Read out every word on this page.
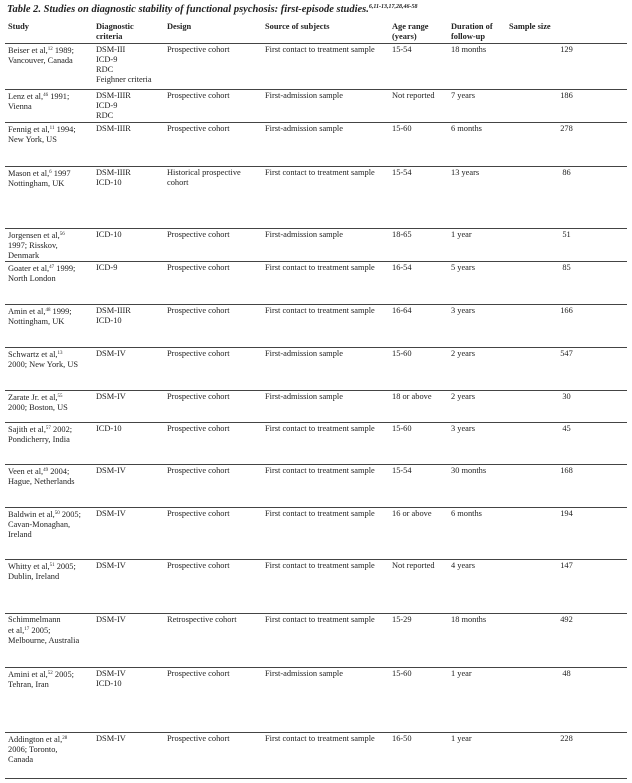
Table 2. Studies on diagnostic stability of functional psychosis: first-episode studies.$^{6,11-13,17,28,46-58}$
Study	Diagnostic
criteria	Design	Source of subjects	Age range
(years)	Duration of
follow-up	Sample size
Beiser et al,$^{12}$ 1989;
Vancouver, Canada	DSM-III
ICD-9
RDC
Feighner criteria	Prospective cohort	First contact to treatment sample	15-54	18 months	129
Lenz et al,$^{46}$ 1991;
Vienna	DSM-IIIR
ICD-9
RDC	Prospective cohort	First-admission sample	Not reported	7 years	186
Fennig et al,$^{11}$ 1994;
New York, US	DSM-IIIR	Prospective cohort	First-admission sample	15-60	6 months	278
Mason et al,$^6$ 1997
Nottingham, UK	DSM-IIIR
ICD-10	Historical prospective
cohort	First contact to treatment sample	15-54	13 years	86
Jorgensen et al,$^{56}$
1997; Risskov,
Denmark	ICD-10	Prospective cohort	First-admission sample	18-65	1 year	51
Goater et al,$^{47}$ 1999;
North London	ICD-9	Prospective cohort	First contact to treatment sample	16-54	5 years	85
Amin et al,$^{48}$ 1999;
Nottingham, UK	DSM-IIIR
ICD-10	Prospective cohort	First contact to treatment sample	16-64	3 years	166
Schwartz et al,$^{13}$
2000; New York, US	DSM-IV	Prospective cohort	First-admission sample	15-60	2 years	547
Zarate Jr. et al,$^{55}$
2000; Boston, US	DSM-IV	Prospective cohort	First-admission sample	18 or above	2 years	30
Sajith et al,$^{57}$ 2002;
Pondicherry, India	ICD-10	Prospective cohort	First contact to treatment sample	15-60	3 years	45
Veen et al,$^{49}$ 2004;
Hague, Netherlands	DSM-IV	Prospective cohort	First contact to treatment sample	15-54	30 months	168
Baldwin et al,$^{50}$ 2005;
Cavan-Monaghan,
Ireland	DSM-IV	Prospective cohort	First contact to treatment sample	16 or above	6 months	194
Whitty et al,$^{51}$ 2005;
Dublin, Ireland	DSM-IV	Prospective cohort	First contact to treatment sample	Not reported	4 years	147
Schimmelmann
et al,$^{17}$ 2005;
Melbourne, Australia	DSM-IV	Retrospective cohort	First contact to treatment sample	15-29	18 months	492
Amini et al,$^{52}$ 2005;
Tehran, Iran	DSM-IV
ICD-10	Prospective cohort	First-admission sample	15-60	1 year	48
Addington et al,$^{28}$
2006; Toronto,
Canada	DSM-IV	Prospective cohort	First contact to treatment sample	16-50	1 year	228
